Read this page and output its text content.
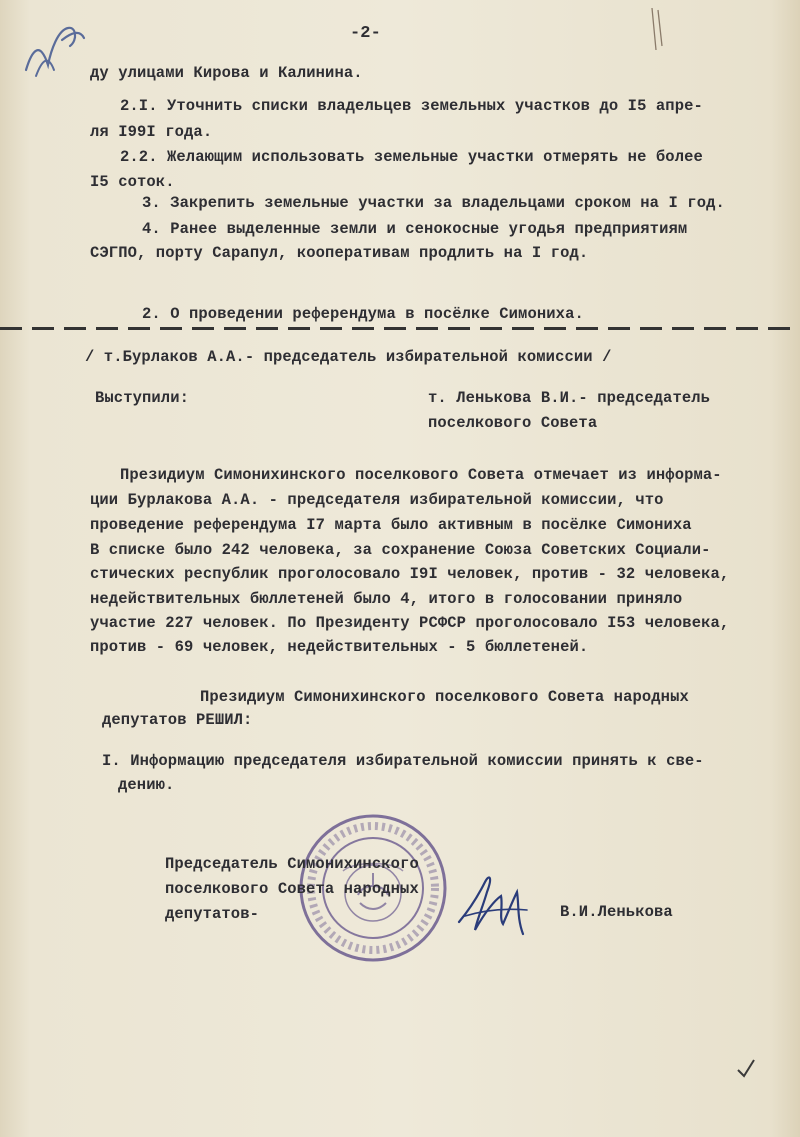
-2-
ду улицами Кирова и Калинина.
2.I. Уточнить списки владельцев земельных участков до I5 апре-
ля I99I года.
2.2. Желающим использовать земельные участки отмерять не более
I5 соток.
3. Закрепить земельные участки за владельцами сроком на I год.
4. Ранее выделенные земли и сенокосные угодья предприятиям
СЭГПО, порту Сарапул, кооперативам продлить на I год.
2. О проведении референдума в посёлке Симониха.
/ т.Бурлаков А.А.- председатель избирательной комиссии /
Выступили:	т. Ленькова В.И.- председатель
поселкового Совета
Президиум Симонихинского поселкового Совета отмечает из информа-
ции Бурлакова А.А. - председателя избирательной комиссии, что
проведение референдума I7 марта было активным в посёлке Симониха
В списке было 242 человека, за сохранение Союза Советских Социали-
стических республик проголосовало I9I человек, против - 32 человека,
недействительных бюллетеней было 4, итого в голосовании приняло
участие 227 человек. По Президенту РСФСР проголосовало I53 человека,
против - 69 человек, недействительных - 5 бюллетеней.
Президиум Симонихинского поселкового Совета народных
депутатов РЕШИЛ:
I. Информацию председателя избирательной комиссии принять к све-
дению.
Председатель Симонихинского
поселкового Совета народных
депутатов-	В.И.Ленькова
